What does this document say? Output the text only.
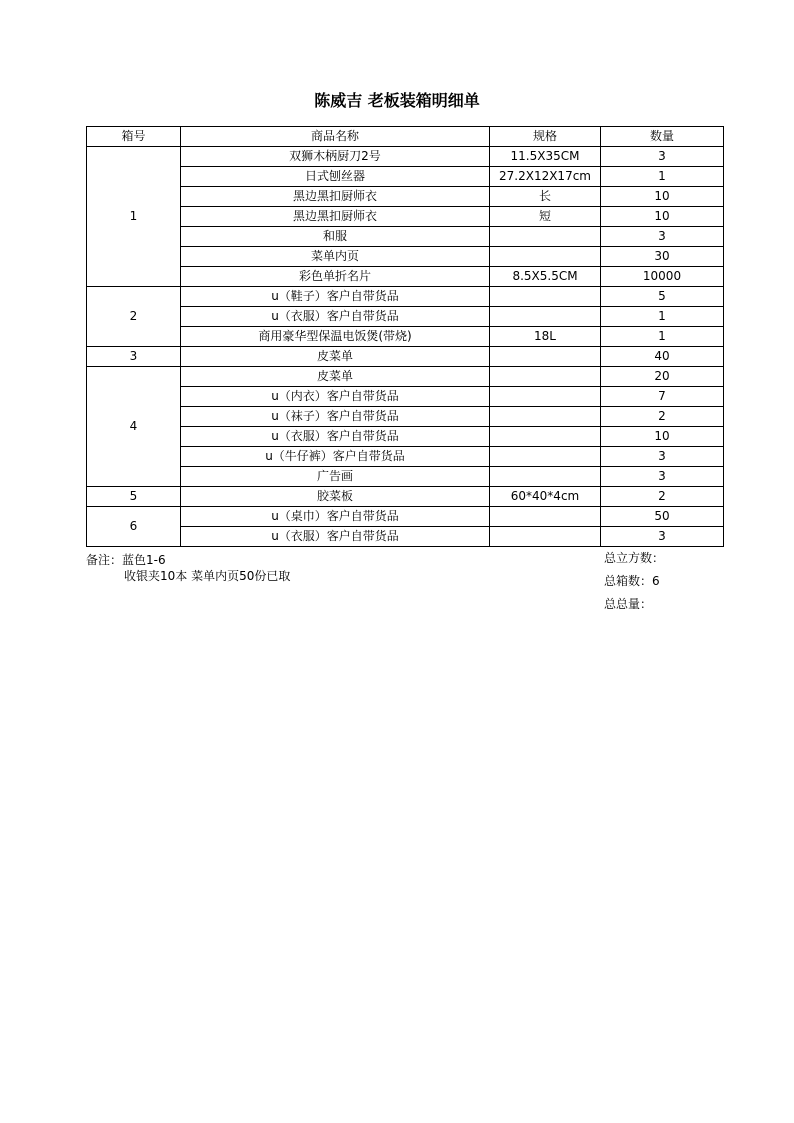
陈威吉 老板装箱明细单
箱号	商品名称	规格	数量
1	双狮木柄厨刀2号	11.5X35CM	3
	日式刨丝器	27.2X12X17cm	1
	黑边黑扣厨师衣	长	10
	黑边黑扣厨师衣	短	10
	和服		3
	菜单内页		30
	彩色单折名片	8.5X5.5CM	10000
2	u（鞋子）客户自带货品		5
	u（衣服）客户自带货品		1
	商用豪华型保温电饭煲(带烧)	18L	1
3	皮菜单		40
4	皮菜单		20
	u（内衣）客户自带货品		7
	u（袜子）客户自带货品		2
	u（衣服）客户自带货品		10
	u（牛仔裤）客户自带货品		3
	广告画		3
5	胶菜板	60*40*4cm	2
6	u（桌巾）客户自带货品		50
	u（衣服）客户自带货品		3
备注：蓝色1-6
收银夹10本 菜单内页50份已取
总立方数：
总箱数：6
总总量：
